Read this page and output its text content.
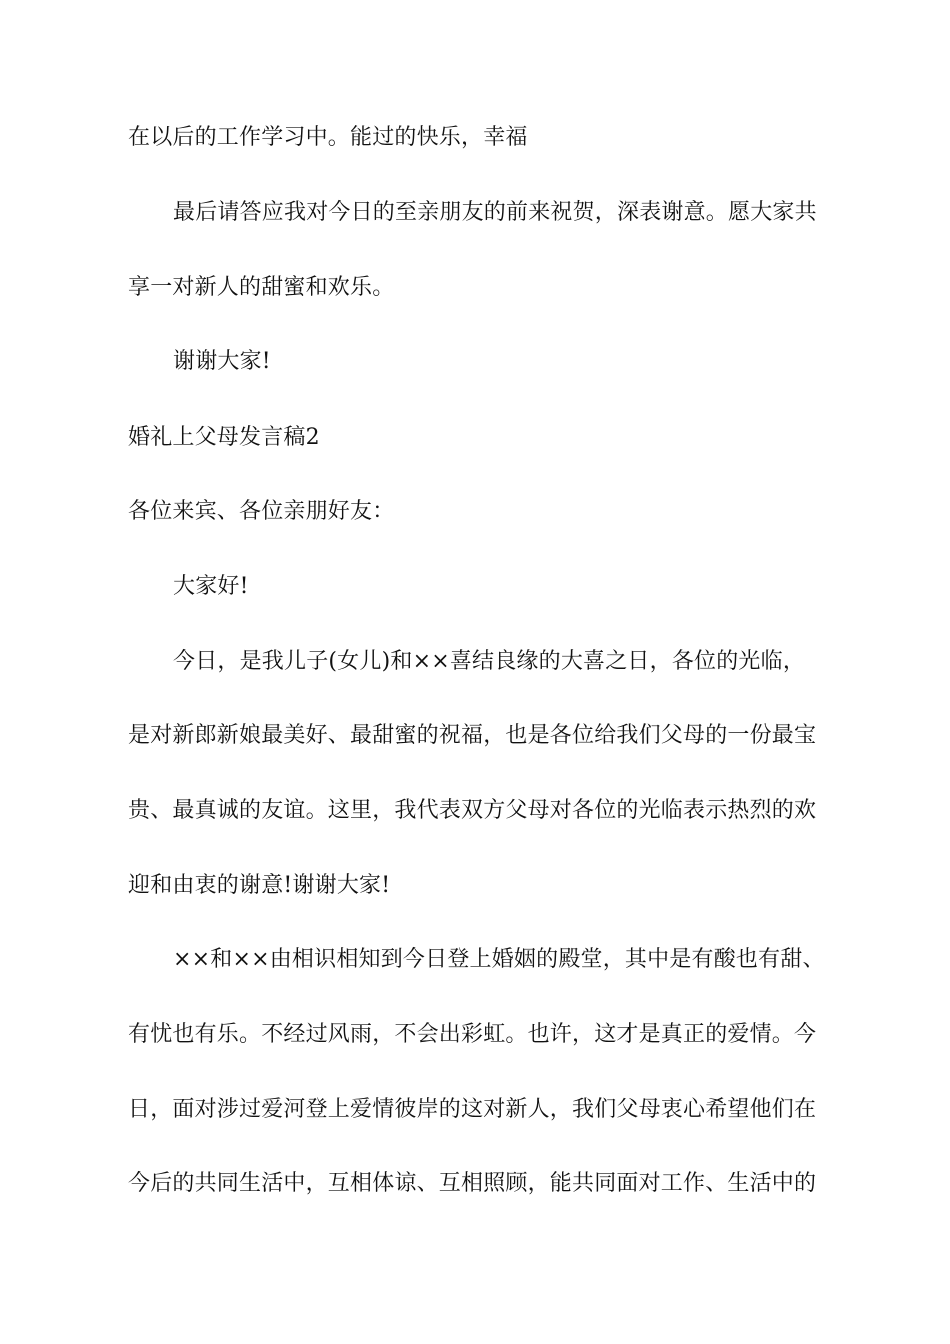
在以后的工作学习中。能过的快乐，幸福
最后请答应我对今日的至亲朋友的前来祝贺，深表谢意。愿大家共
享一对新人的甜蜜和欢乐。
谢谢大家!
婚礼上父母发言稿2
各位来宾、各位亲朋好友：
大家好!
今日，是我儿子(女儿)和××喜结良缘的大喜之日，各位的光临，
是对新郎新娘最美好、最甜蜜的祝福，也是各位给我们父母的一份最宝
贵、最真诚的友谊。这里，我代表双方父母对各位的光临表示热烈的欢
迎和由衷的谢意!谢谢大家!
××和××由相识相知到今日登上婚姻的殿堂，其中是有酸也有甜、
有忧也有乐。不经过风雨，不会出彩虹。也许，这才是真正的爱情。今
日，面对涉过爱河登上爱情彼岸的这对新人，我们父母衷心希望他们在
今后的共同生活中，互相体谅、互相照顾，能共同面对工作、生活中的
